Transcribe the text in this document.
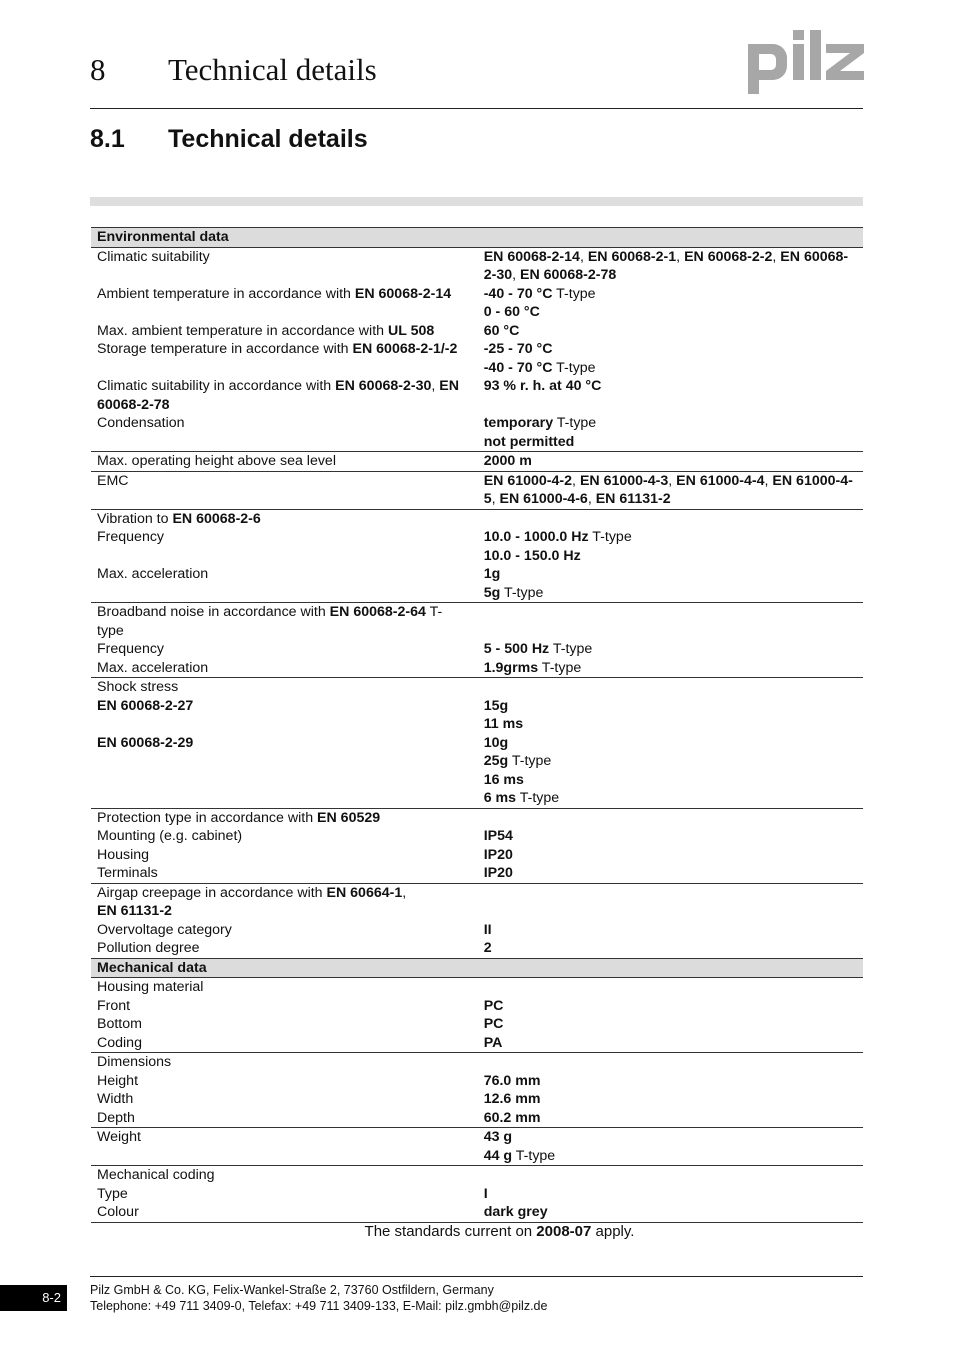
8 Technical details
8.1 Technical details
Environmental data	
Climatic suitability	EN 60068-2-14, EN 60068-2-1, EN 60068-2-2, EN 60068-2-30, EN 60068-2-78

Ambient temperature in accordance with EN 60068-2-14	-40 - 70 °C T-type
0 - 60 °C

Max. ambient temperature in accordance with UL 508	60 °C

Storage temperature in accordance with EN 60068-2-1/-2	-25 - 70 °C
-40 - 70 °C T-type

Climatic suitability in accordance with EN 60068-2-30, EN 60068-2-78	93 % r. h. at 40 °C

Condensation	temporary T-type
not permitted

Max. operating height above sea level	2000 m

EMC	EN 61000-4-2, EN 61000-4-3, EN 61000-4-4, EN 61000-4-5, EN 61000-4-6, EN 61131-2

Vibration to EN 60068-2-6	
Frequency	10.0 - 1000.0 Hz T-type
10.0 - 150.0 Hz

Max. acceleration	1g
5g T-type

Broadband noise in accordance with EN 60068-2-64 T-type	
Frequency	5 - 500 Hz T-type

Max. acceleration	1.9grms T-type

Shock stress	
EN 60068-2-27	15g
11 ms

EN 60068-2-29	10g
25g T-type
16 ms
6 ms T-type

Protection type in accordance with EN 60529	
Mounting (e.g. cabinet)	IP54

Housing	IP20

Terminals	IP20

Airgap creepage in accordance with EN 60664-1,
EN 61131-2	
Overvoltage category	II

Pollution degree	2

Mechanical data	
Housing material	
Front	PC

Bottom	PC

Coding	PA

Dimensions	
Height	76.0 mm

Width	12.6 mm

Depth	60.2 mm

Weight	43 g
44 g T-type

Mechanical coding	
Type	I

Colour	dark grey
The standards current on 2008-07 apply.
8-2	Pilz GmbH & Co. KG, Felix-Wankel-Straße 2, 73760 Ostfildern, Germany
Telephone: +49 711 3409-0, Telefax: +49 711 3409-133, E-Mail: pilz.gmbh@pilz.de
